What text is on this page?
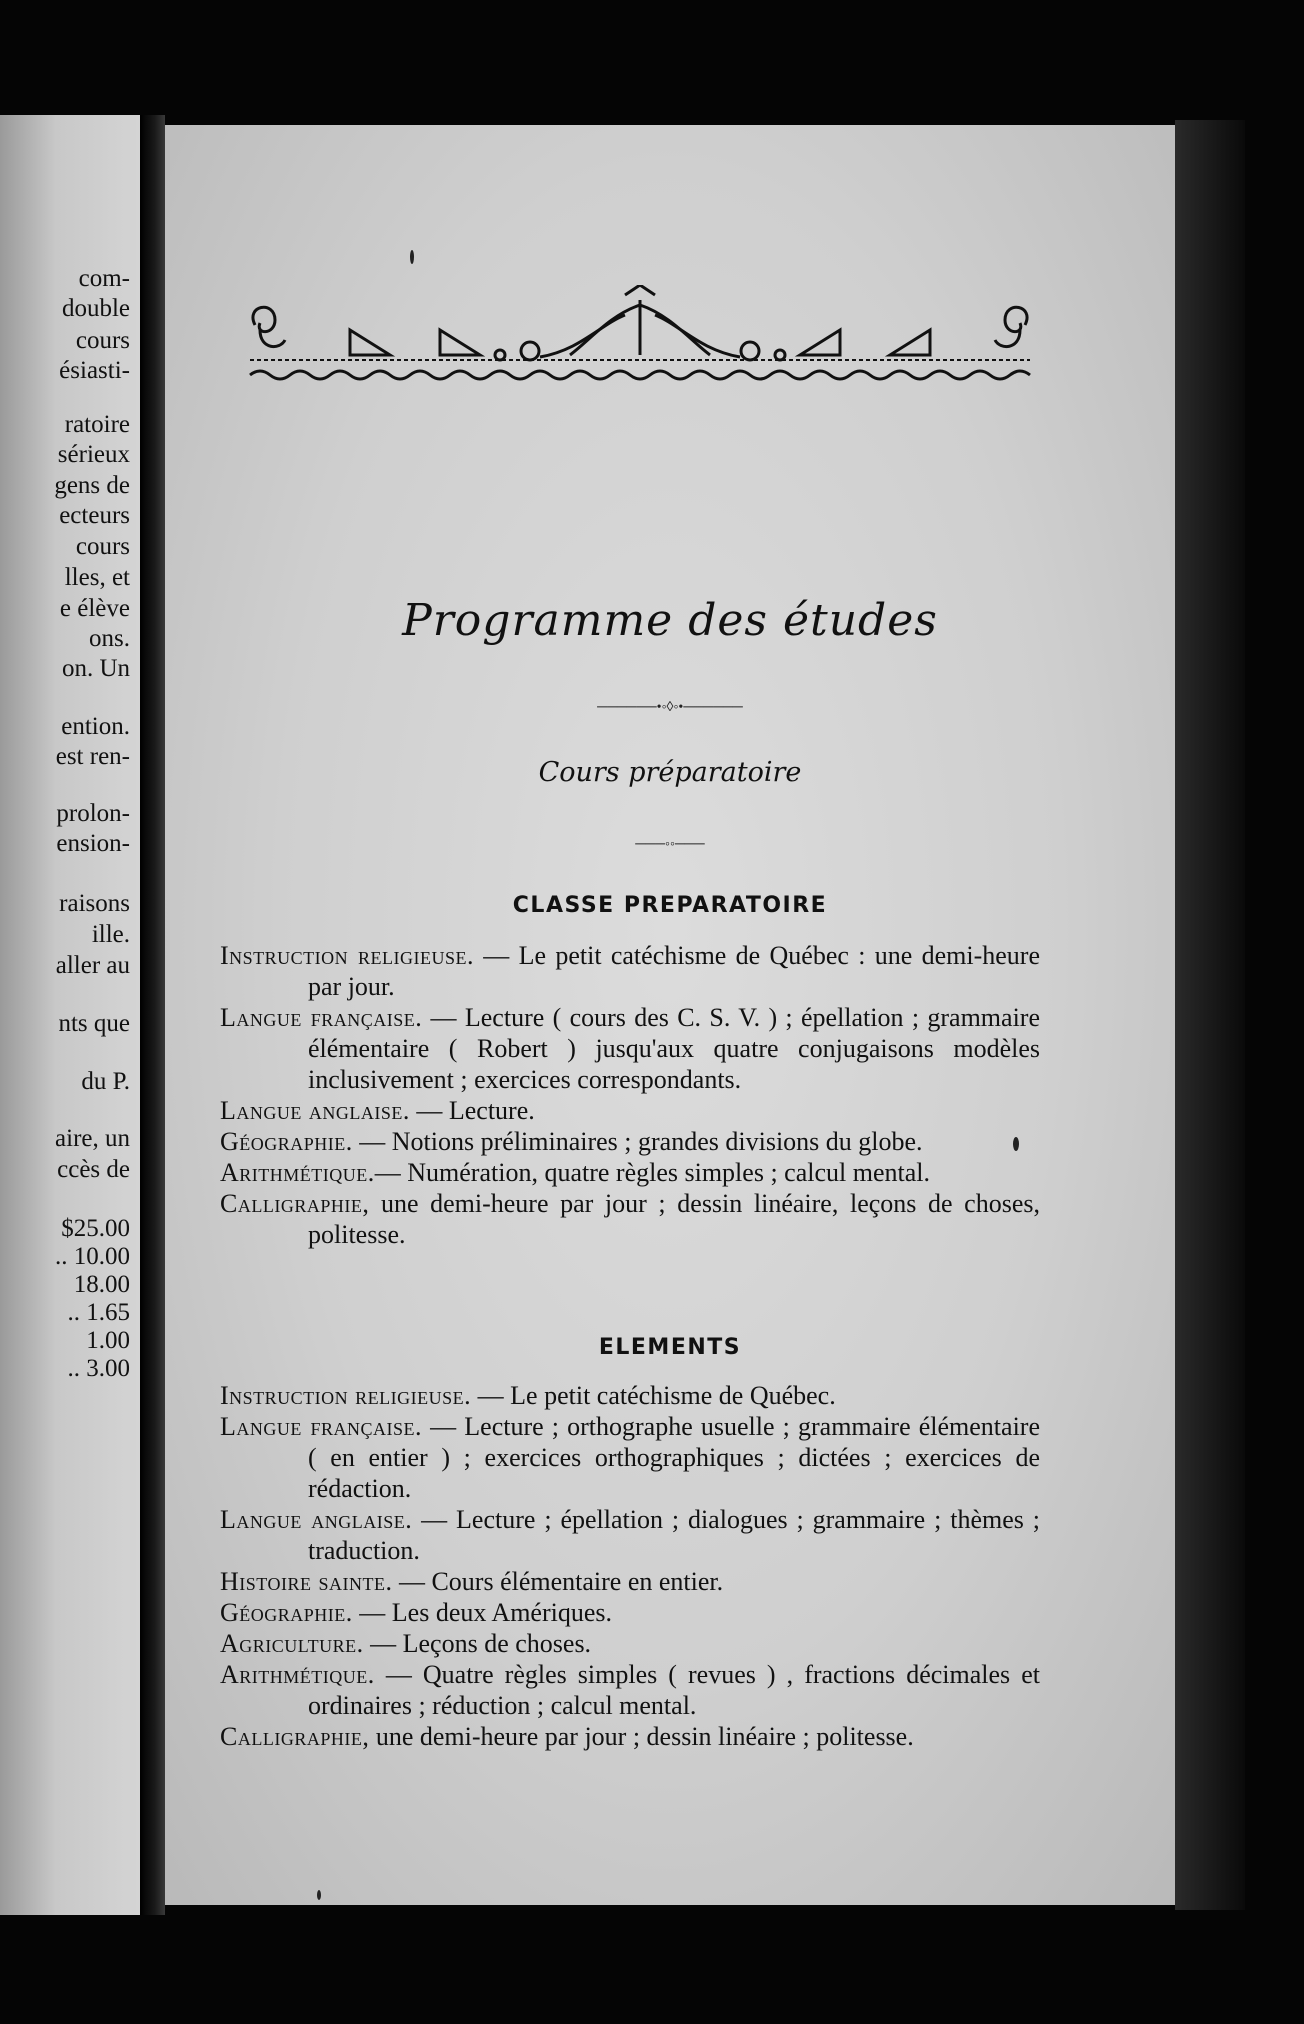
com-
double
cours
ésiasti-
ratoire
sérieux
gens de
ecteurs
cours
lles, et
e élève
ons.
on. Un
ention.
est ren-
prolon-
ension-
raisons
ille.
aller au
nts que
du P.
aire, un
ccès de
$25.00
.. 10.00
18.00
.. 1.65
1.00
.. 3.00
Programme des études
──────•◦◊◦•──────
Cours préparatoire
───◦◦───
CLASSE PREPARATOIRE

Instruction religieuse. — Le petit catéchisme de Québec : une demi-heure par jour.

Langue française. — Lecture ( cours des C. S. V. ) ; épellation ; grammaire élémentaire ( Robert ) jusqu'aux quatre conjugaisons modèles inclusivement ; exercices correspondants.

Langue anglaise. — Lecture.

Géographie. — Notions préliminaires ; grandes divisions du globe.

Arithmétique.— Numération, quatre règles simples ; calcul mental.

Calligraphie, une demi-heure par jour ; dessin linéaire, leçons de choses, politesse.

ELEMENTS

Instruction religieuse. — Le petit catéchisme de Québec.

Langue française. — Lecture ; orthographe usuelle ; grammaire élémentaire ( en entier ) ; exercices orthographiques ; dictées ; exercices de rédaction.

Langue anglaise. — Lecture ; épellation ; dialogues ; grammaire ; thèmes ; traduction.

Histoire sainte. — Cours élémentaire en entier.

Géographie. — Les deux Amériques.

Agriculture. — Leçons de choses.

Arithmétique. — Quatre règles simples ( revues ) , fractions décimales et ordinaires ; réduction ; calcul mental.

Calligraphie, une demi-heure par jour ; dessin linéaire ; politesse.
